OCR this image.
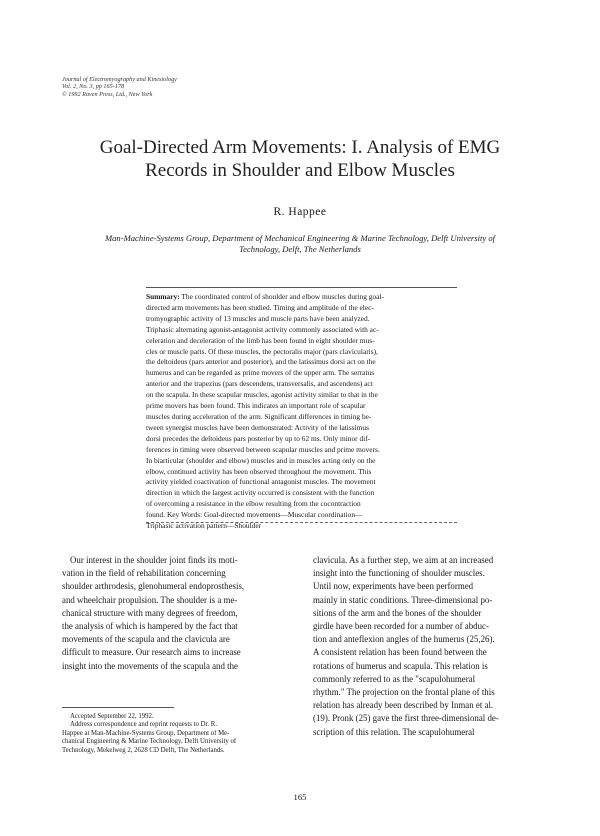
Journal of Electromyography and Kinesiology
Vol. 2, No. 3, pp 165-178
© 1992 Raven Press, Ltd., New York
Goal-Directed Arm Movements: I. Analysis of EMG
Records in Shoulder and Elbow Muscles
R. Happee
Man-Machine-Systems Group, Department of Mechanical Engineering & Marine Technology, Delft University of
Technology, Delft, The Netherlands
Summary: The coordinated control of shoulder and elbow muscles during goal-
directed arm movements has been studied. Timing and amplitude of the elec-
tromyographic activity of 13 muscles and muscle parts have been analyzed.
Triphasic alternating agonist-antagonist activity commonly associated with ac-
celeration and deceleration of the limb has been found in eight shoulder mus-
cles or muscle parts. Of these muscles, the pectoralis major (pars clavicularis),
the deltoideus (pars anterior and posterior), and the latissimus dorsi act on the
humerus and can be regarded as prime movers of the upper arm. The serratus
anterior and the trapezius (pars descendens, transversalis, and ascendens) act
on the scapula. In these scapular muscles, agonist activity similar to that in the
prime movers has been found. This indicates an important role of scapular
muscles during acceleration of the arm. Significant differences in timing be-
tween synergist muscles have been demonstrated: Activity of the latissimus
dorsi precedes the deltoideus pars posterior by up to 62 ms. Only minor dif-
ferences in timing were observed between scapular muscles and prime movers.
In biarticular (shoulder and elbow) muscles and in muscles acting only on the
elbow, continued activity has been observed throughout the movement. This
activity yielded coactivation of functional antagonist muscles. The movement
direction in which the largest activity occurred is consistent with the function
of overcoming a resistance in the elbow resulting from the cocontraction
found. Key Words: Goal-directed movements—Muscular coordination—
Triphasic activation pattern—Shoulder
Our interest in the shoulder joint finds its moti-
vation in the field of rehabilitation concerning
shoulder arthrodesis, glenohumeral endoprosthesis,
and wheelchair propulsion. The shoulder is a me-
chanical structure with many degrees of freedom,
the analysis of which is hampered by the fact that
movements of the scapula and the clavicula are
difficult to measure. Our research aims to increase
insight into the movements of the scapula and the
Accepted September 22, 1992.
Address correspondence and reprint requests to Dr. R.
Happee at Man-Machine-Systems Group, Department of Me-
chanical Engineering & Marine Technology, Delft University of
Technology, Mekelweg 2, 2628 CD Delft, The Netherlands.
clavicula. As a further step, we aim at an increased
insight into the functioning of shoulder muscles.
Until now, experiments have been performed
mainly in static conditions. Three-dimensional po-
sitions of the arm and the bones of the shoulder
girdle have been recorded for a number of abduc-
tion and anteflexion angles of the humerus (25,26).
A consistent relation has been found between the
rotations of humerus and scapula. This relation is
commonly referred to as the "scapulohumeral
rhythm." The projection on the frontal plane of this
relation has already been described by Inman et al.
(19). Pronk (25) gave the first three-dimensional de-
scription of this relation. The scapulohumeral
165
